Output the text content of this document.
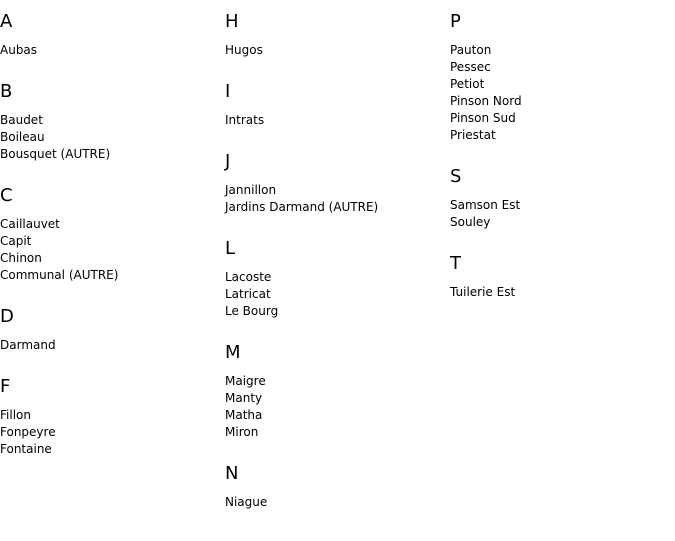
A
Aubas
B
Baudet
Boileau
Bousquet (AUTRE)
C
Caillauvet
Capit
Chinon
Communal (AUTRE)
D
Darmand
F
Fillon
Fonpeyre
Fontaine
H
Hugos
I
Intrats
J
Jannillon
Jardins Darmand (AUTRE)
L
Lacoste
Latricat
Le Bourg
M
Maigre
Manty
Matha
Miron
N
Niague
P
Pauton
Pessec
Petiot
Pinson Nord
Pinson Sud
Priestat
S
Samson Est
Souley
T
Tuilerie Est
